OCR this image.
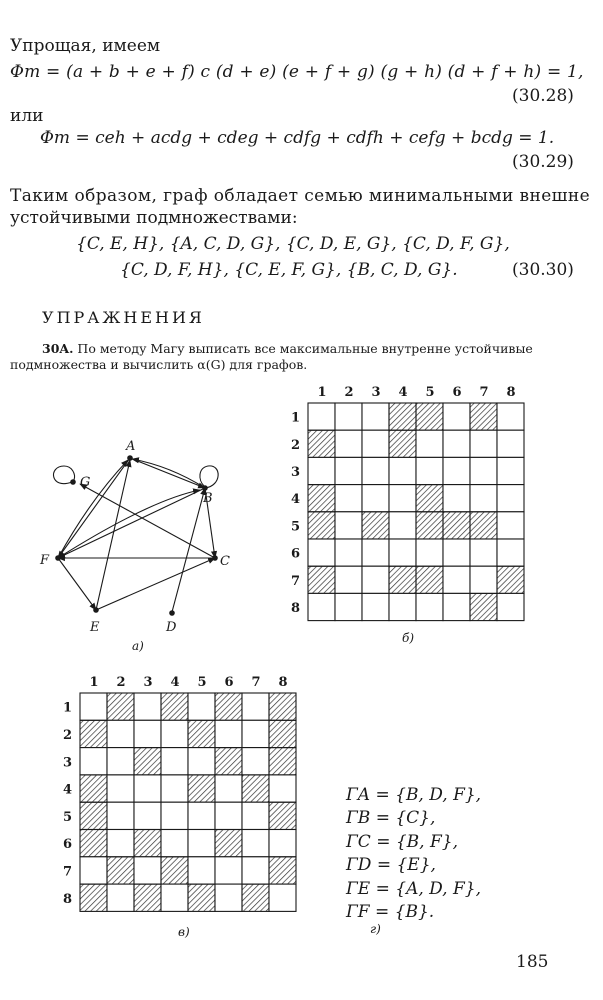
Упрощая, имеем
Φт = (a + b + e + f) c (d + e) (e + f + g) (g + h) (d + f + h) = 1,
(30.28)
или
Φт = ceh + acdg + cdeg + cdfg + cdfh + cefg + bcdg = 1.
(30.29)
Таким образом, граф обладает семью минимальными внешне
устойчивыми подмножествами:
{C, E, H}, {A, C, D, G}, {C, D, E, G}, {C, D, F, G},
{C, D, F, H}, {C, E, F, G}, {B, C, D, G}.	(30.30)
УПРАЖНЕНИЯ
30A. По методу Магу выписать все максимальные внутренне устойчивые
подмножества и вычислить α(G) для графов.
A
B
C
D
E
F
G
а)
1 2 3 4 5 6 7 8
1
2
3
4
5
6
7
8
1 2 3 4 5 6 7 8
1
2
3
4
5
6
7
8
б)
в)
ΓA = {B, D, F},
ΓB = {C},
ΓC = {B, F},
ΓD = {E},
ΓE = {A, D, F},
ΓF = {B}.
г)
185
